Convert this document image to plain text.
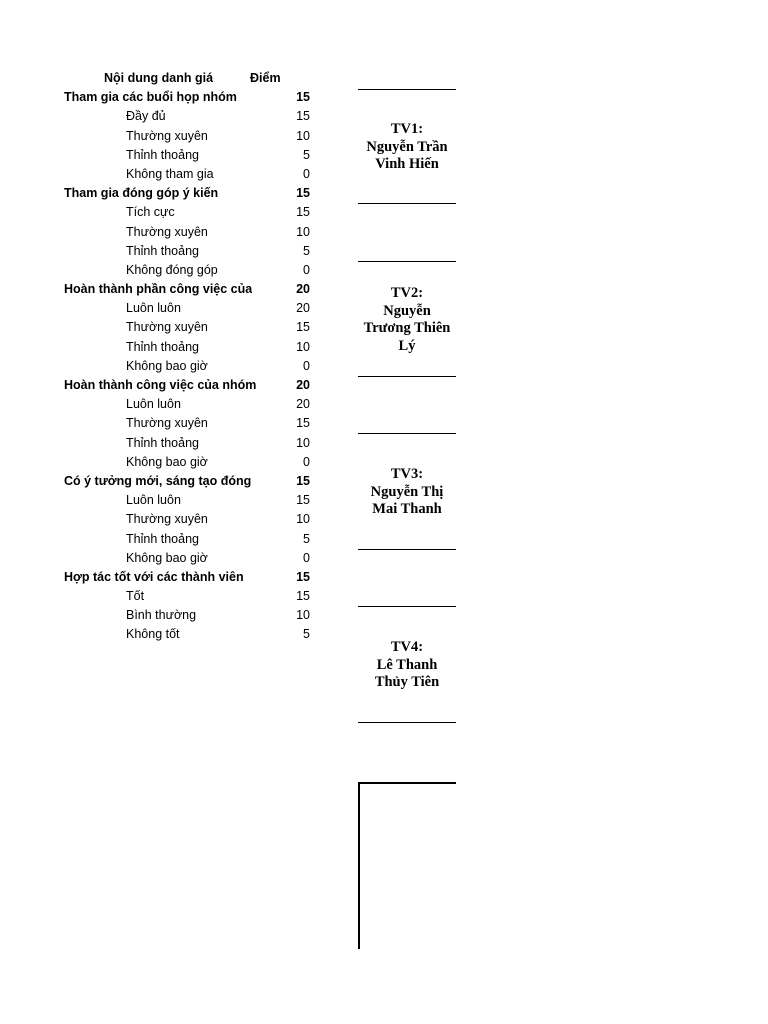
Nội dung danh giá	Điểm
Tham gia các buổi họp nhóm	15
Đầy đủ	15
Thường xuyên	10
Thỉnh thoảng	5
Không tham gia	0
Tham gia đóng góp ý kiến	15
Tích cực	15
Thường xuyên	10
Thỉnh thoảng	5
Không đóng góp	0
Hoàn thành phần công việc của	20
Luôn luôn	20
Thường xuyên	15
Thỉnh thoảng	10
Không bao giờ	0
Hoàn thành công việc của nhóm	20
Luôn luôn	20
Thường xuyên	15
Thỉnh thoảng	10
Không bao giờ	0
Có ý tưởng mới, sáng tạo đóng	15
Luôn luôn	15
Thường xuyên	10
Thỉnh thoảng	5
Không bao giờ	0
Hợp tác tốt với các thành viên	15
Tốt	15
Bình thường	10
Không tốt	5
TV1:
Nguyễn Trần
Vinh Hiến
TV2:
Nguyễn
Trương Thiên
Lý
TV3:
Nguyễn Thị
Mai Thanh
TV4:
Lê Thanh
Thủy Tiên
